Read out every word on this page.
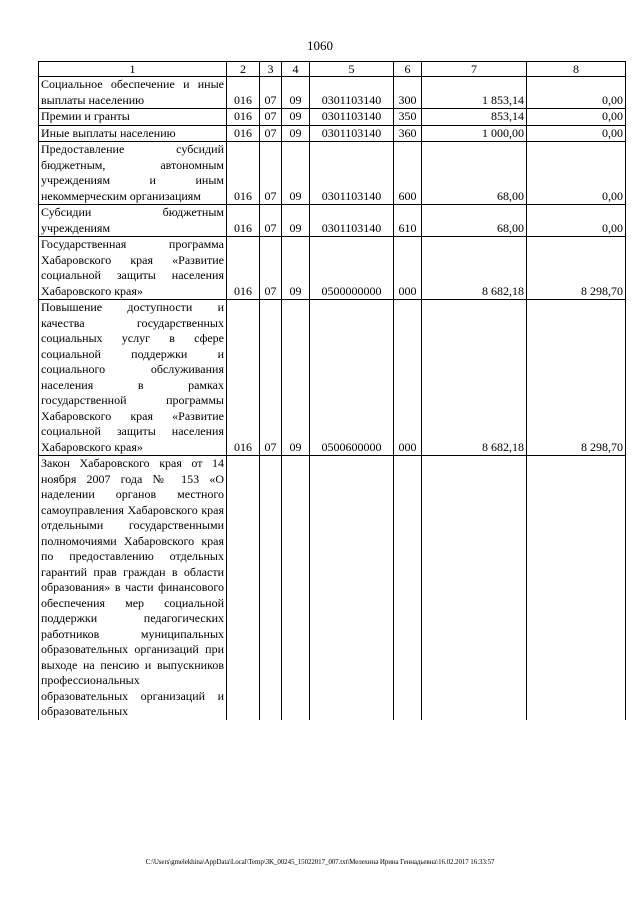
1060
1	2	3	4	5	6	7	8
Социальное обеспечение и иные выплаты населению	016	07	09	0301103140	300	1 853,14	0,00
Премии и гранты	016	07	09	0301103140	350	853,14	0,00
Иные выплаты населению	016	07	09	0301103140	360	1 000,00	0,00
Предоставление субсидий бюджетным, автономным учреждениям и иным некоммерческим организациям	016	07	09	0301103140	600	68,00	0,00
Субсидии бюджетным учреждениям	016	07	09	0301103140	610	68,00	0,00
Государственная программа Хабаровского края «Развитие социальной защиты населения Хабаровского края»	016	07	09	0500000000	000	8 682,18	8 298,70
Повышение доступности и качества государственных социальных услуг в сфере социальной поддержки и социального обслуживания населения в рамках государственной программы Хабаровского края «Развитие социальной защиты населения Хабаровского края»	016	07	09	0500600000	000	8 682,18	8 298,70
Закон Хабаровского края от 14 ноября 2007 года № 153 «О наделении органов местного самоуправления Хабаровского края отдельными государственными полномочиями Хабаровского края по предоставлению отдельных гарантий прав граждан в области образования» в части финансового обеспечения мер социальной поддержки педагогических работников муниципальных образовательных организаций при выходе на пенсию и выпускников профессиональных образовательных организаций и образовательных							
C:\Users\gmelekhina\AppData\Local\Temp\3K_00245_15022017_007.txt\Мелехина Ирина Геннадьевна\16.02.2017 16:33:57
